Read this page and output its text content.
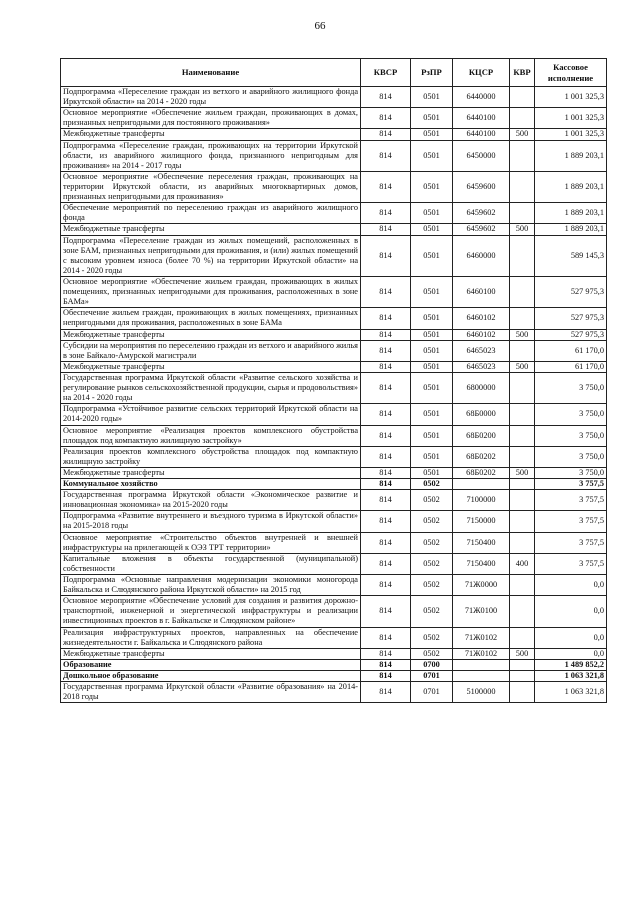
66
Наименование	КВСР	РзПР	КЦСР	КВР	Кассовое исполнение
Подпрограмма «Переселение граждан из ветхого и аварийного жилищного фонда Иркутской области» на 2014 - 2020 годы	814	0501	6440000		1 001 325,3
Основное мероприятие «Обеспечение жильем граждан, проживающих в домах, признанных непригодными для постоянного проживания»	814	0501	6440100		1 001 325,3
Межбюджетные трансферты	814	0501	6440100	500	1 001 325,3
Подпрограмма «Переселение граждан, проживающих на территории Иркутской области, из аварийного жилищного фонда, признанного непригодным для проживания» на 2014 - 2017 годы	814	0501	6450000		1 889 203,1
Основное мероприятие «Обеспечение переселения граждан, проживающих на территории Иркутской области, из аварийных многоквартирных домов, признанных непригодными для проживания»	814	0501	6459600		1 889 203,1
Обеспечение мероприятий по переселению граждан из аварийного жилищного фонда	814	0501	6459602		1 889 203,1
Межбюджетные трансферты	814	0501	6459602	500	1 889 203,1
Подпрограмма «Переселение граждан из жилых помещений, расположенных в зоне БАМ, признанных непригодными для проживания, и (или) жилых помещений с высоким уровнем износа (более 70 %) на территории Иркутской области» на 2014 - 2020 годы	814	0501	6460000		589 145,3
Основное мероприятие «Обеспечение жильем граждан, проживающих в жилых помещениях, признанных непригодными для проживания, расположенных в зоне БАМа»	814	0501	6460100		527 975,3
Обеспечение жильем граждан, проживающих в жилых помещениях, признанных непригодными для проживания, расположенных в зоне БАМа	814	0501	6460102		527 975,3
Межбюджетные трансферты	814	0501	6460102	500	527 975,3
Субсидии на мероприятия по переселению граждан из ветхого и аварийного жилья в зоне Байкало-Амурской магистрали	814	0501	6465023		61 170,0
Межбюджетные трансферты	814	0501	6465023	500	61 170,0
Государственная программа Иркутской области «Развитие сельского хозяйства и регулирование рынков сельскохозяйственной продукции, сырья и продовольствия» на 2014 - 2020 годы	814	0501	6800000		3 750,0
Подпрограмма «Устойчивое развитие сельских территорий Иркутской области на 2014-2020 годы»	814	0501	68Б0000		3 750,0
Основное мероприятие «Реализация проектов комплексного обустройства площадок под компактную жилищную застройку»	814	0501	68Б0200		3 750,0
Реализация проектов комплексного обустройства площадок под компактную жилищную застройку	814	0501	68Б0202		3 750,0
Межбюджетные трансферты	814	0501	68Б0202	500	3 750,0
Коммунальное хозяйство	814	0502			3 757,5
Государственная программа Иркутской области «Экономическое развитие и инновационная экономика» на 2015-2020 годы	814	0502	7100000		3 757,5
Подпрограмма «Развитие внутреннего и въездного туризма в Иркутской области» на 2015-2018 годы	814	0502	7150000		3 757,5
Основное мероприятие «Строительство объектов внутренней и внешней инфраструктуры на прилегающей к ОЭЗ ТРТ территории»	814	0502	7150400		3 757,5
Капитальные вложения в объекты государственной (муниципальной) собственности	814	0502	7150400	400	3 757,5
Подпрограмма «Основные направления модернизации экономики моногорода Байкальска и Слюдянского района Иркутской области» на 2015 год	814	0502	71Ж0000		0,0
Основное мероприятие «Обеспечение условий для создания и развития дорожно-транспортной, инженерной и энергетической инфраструктуры и реализации инвестиционных проектов в г. Байкальске и Слюдянском районе»	814	0502	71Ж0100		0,0
Реализация инфраструктурных проектов, направленных на обеспечение жизнедеятельности г. Байкальска и Слюдянского района	814	0502	71Ж0102		0,0
Межбюджетные трансферты	814	0502	71Ж0102	500	0,0
Образование	814	0700			1 489 852,2
Дошкольное образование	814	0701			1 063 321,8
Государственная программа Иркутской области «Развитие образования» на 2014-2018 годы	814	0701	5100000		1 063 321,8
